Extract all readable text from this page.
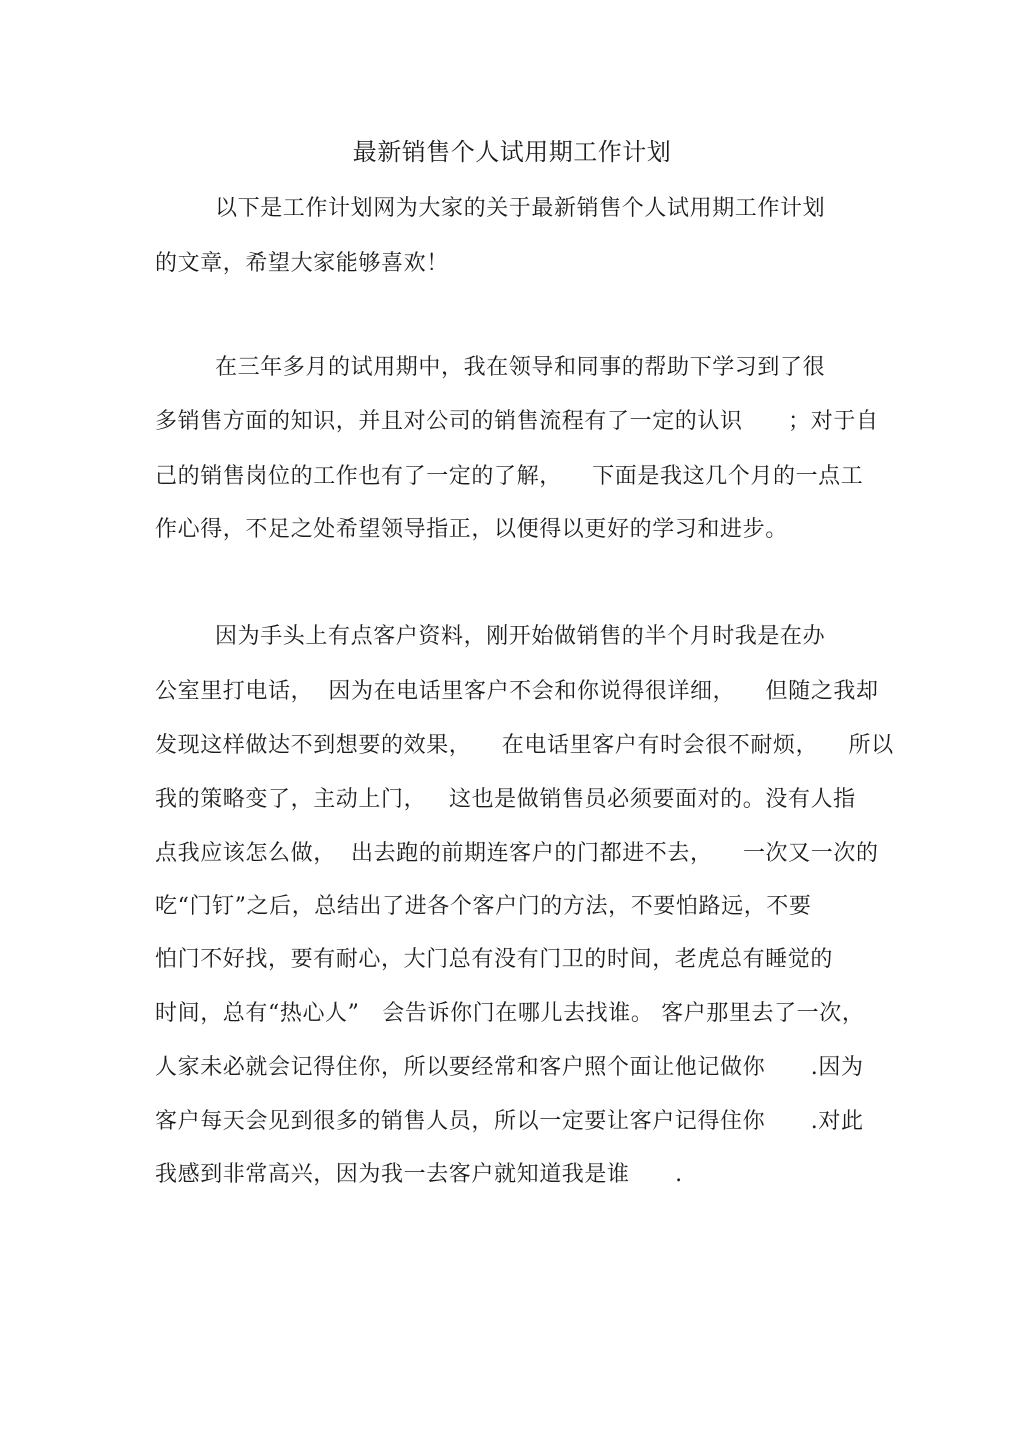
最新销售个人试用期工作计划
以下是工作计划网为大家的关于最新销售个人试用期工作计划
的文章，希望大家能够喜欢！
在三年多月的试用期中，我在领导和同事的帮助下学习到了很
多销售方面的知识，并且对公司的销售流程有了一定的认识      ；对于自
己的销售岗位的工作也有了一定的了解，    下面是我这几个月的一点工
作心得，不足之处希望领导指正，以便得以更好的学习和进步。
因为手头上有点客户资料，刚开始做销售的半个月时我是在办
公室里打电话，  因为在电话里客户不会和你说得很详细，    但随之我却
发现这样做达不到想要的效果，    在电话里客户有时会很不耐烦，    所以
我的策略变了，主动上门，   这也是做销售员必须要面对的。没有人指
点我应该怎么做，  出去跑的前期连客户的门都进不去，    一次又一次的
吃“门钉”之后，总结出了进各个客户门的方法，不要怕路远，不要
怕门不好找，要有耐心，大门总有没有门卫的时间，老虎总有睡觉的
时间，总有“热心人”   会告诉你门在哪儿去找谁。 客户那里去了一次，
人家未必就会记得住你，所以要经常和客户照个面让他记做你      .因为
客户每天会见到很多的销售人员，所以一定要让客户记得住你      .对此
我感到非常高兴，因为我一去客户就知道我是谁      .
